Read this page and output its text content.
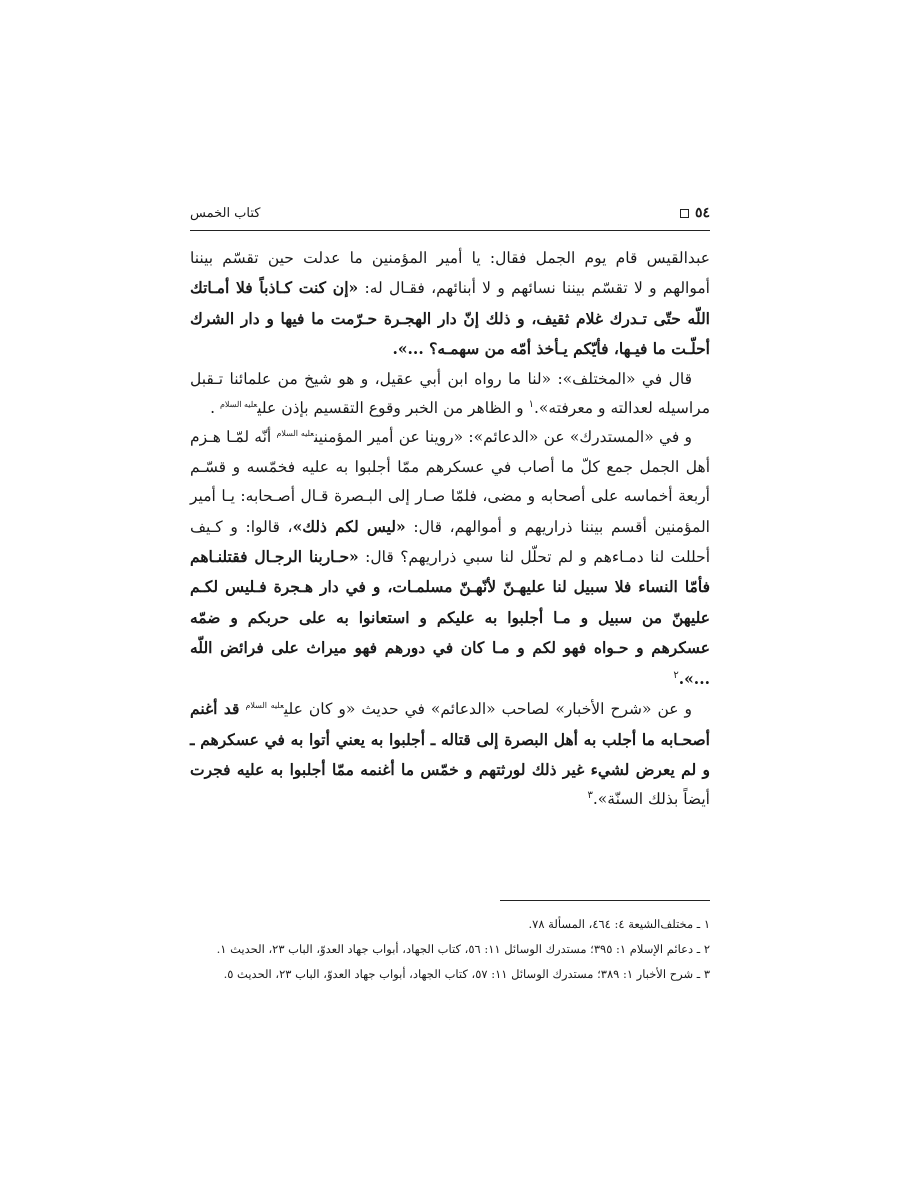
كتاب الخمس	٥٤

عبدالقيس قام يوم الجمل فقال: يا أمير المؤمنين ما عدلت حين تقسّم بيننا أموالهم و لا تقسّم بيننا نسائهم و لا أبنائهم، فقـال له: «إن كنت كـاذباً فلا أمـاتك اللّه حتّى تـدرك غلام ثقيف، و ذلك إنّ دار الهجـرة حـرّمت ما فيها و دار الشرك أحلّـت ما فيـها، فأيّكم يـأخذ أمّه من سهمـه؟ ...».

قال في «المختلف»: «لنا ما رواه ابن أبي عقيل، و هو شيخ من علمائنا تـقبل مراسيله لعدالته و معرفته».$^١$ و الظاهر من الخبر وقوع التقسيم بإذن علي$^{عليه السلام}$ .

و في «المستدرك» عن «الدعائم»: «روينا عن أمير المؤمنين$^{عليه السلام}$ أنّه لمّـا هـزم أهل الجمل جمع كلّ ما أصاب في عسكرهم ممّا أجلبوا به عليه فخمّسه و قسّـم أربعة أخماسه على أصحابه و مضى، فلمّا صـار إلى البـصرة قـال أصـحابه: يـا أمير المؤمنين أقسم بيننا ذراريهم و أموالهم، قال: «ليس لكم ذلك»، قالوا: و كـيف أحللت لنا دمـاءهم و لم تحلّل لنا سبي ذراريهم؟ قال: «حـاربنا الرجـال فقتلنـاهم فأمّا النساء فلا سبيل لنا عليهـنّ لأنّهـنّ مسلمـات، و في دار هـجرة فـليس لكـم عليهنّ من سبيل و مـا أجلبوا به عليكم و استعانوا به على حربكم و ضمّه عسكرهم و حـواه فهو لكم و مـا كان في دورهم فهو ميراث على فرائض اللّه ...».$^٢$

و عن «شرح الأخبار» لصاحب «الدعائم» في حديث «و كان علي$^{عليه السلام}$ قد أغنم أصحـابه ما أجلب به أهل البصرة إلى قتاله ـ أجلبوا به يعني أتوا به في عسكرهم ـ و لم يعرض لشيء غير ذلك لورثتهم و خمّس ما أغنمه ممّا أجلبوا به عليه فجرت أيضاً بذلك السنّة».$^٣$

١ ـ مختلف‌الشيعة ٤: ٤٦٤، المسألة ٧٨.
٢ ـ دعائم الإسلام ١: ٣٩٥؛ مستدرك الوسائل ١١: ٥٦، كتاب الجهاد، أبواب جهاد العدوّ، الباب ٢٣، الحديث ١.
٣ ـ شرح الأخبار ١: ٣٨٩؛ مستدرك الوسائل ١١: ٥٧، كتاب الجهاد، أبواب جهاد العدوّ، الباب ٢٣، الحديث ٥.
